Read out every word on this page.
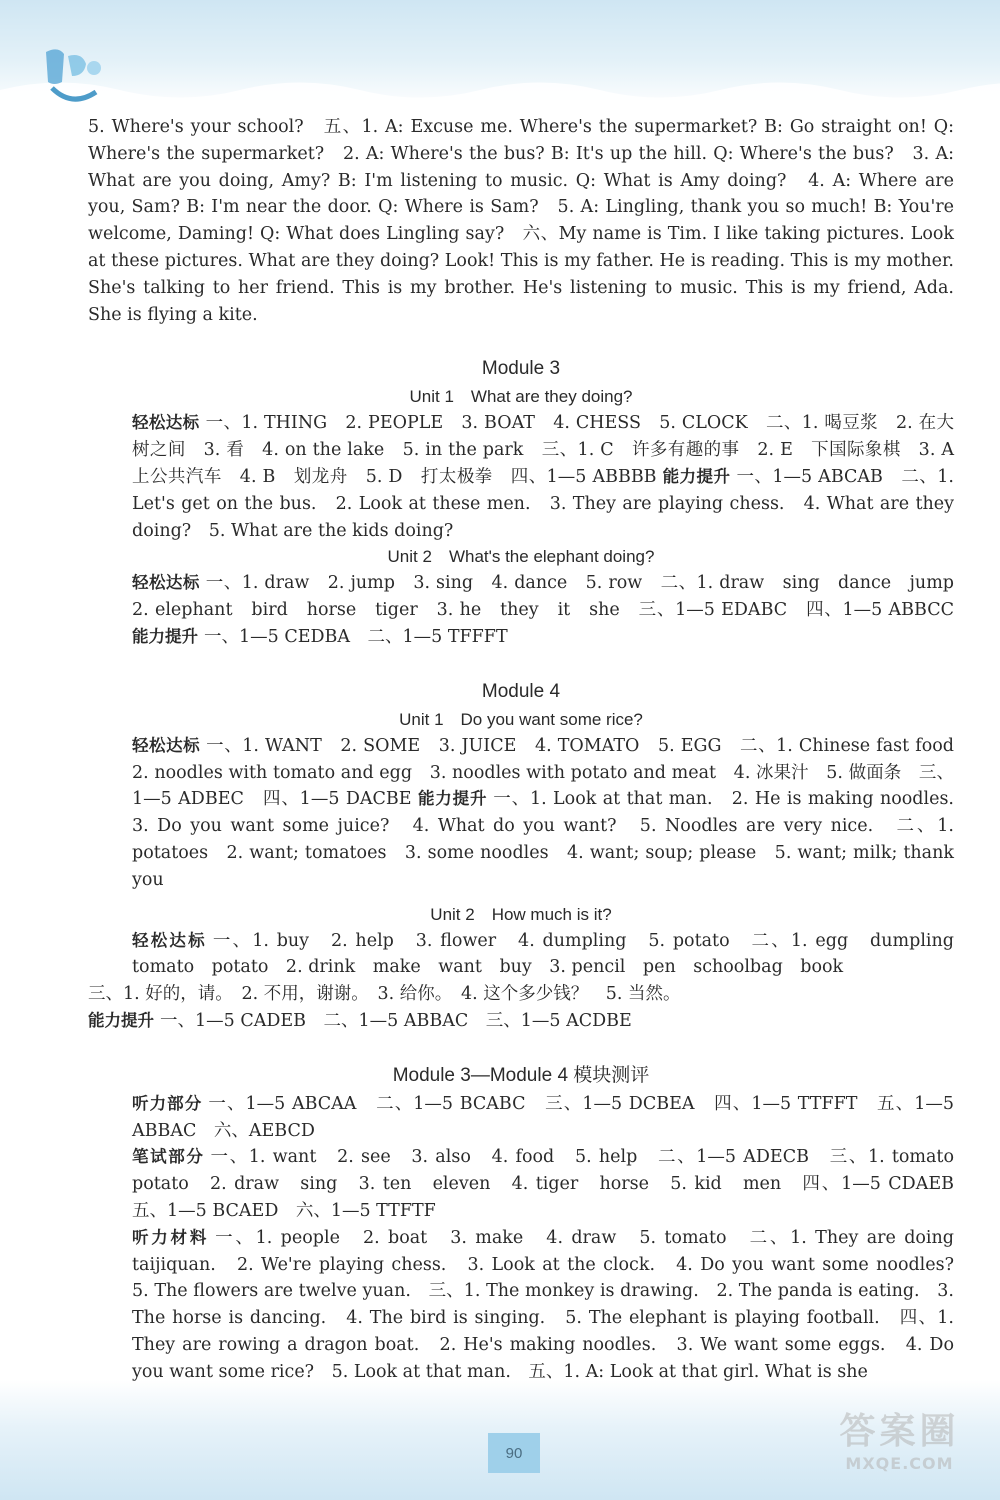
5. Where's your school?　五、1. A: Excuse me. Where's the supermarket? B: Go straight on! Q: Where's the supermarket?　2. A: Where's the bus? B: It's up the hill. Q: Where's the bus?　3. A: What are you doing, Amy? B: I'm listening to music. Q: What is Amy doing?　4. A: Where are you, Sam? B: I'm near the door. Q: Where is Sam?　5. A: Lingling, thank you so much! B: You're welcome, Daming! Q: What does Lingling say?　六、My name is Tim. I like taking pictures. Look at these pictures. What are they doing? Look! This is my father. He is reading. This is my mother. She's talking to her friend. This is my brother. He's listening to music. This is my friend, Ada. She is flying a kite.

Module 3
Unit 1　What are they doing?

轻松达标 一、1. THING　2. PEOPLE　3. BOAT　4. CHESS　5. CLOCK　二、1. 喝豆浆　2. 在大树之间　3. 看　4. on the lake　5. in the park　三、1. C　许多有趣的事　2. E　下国际象棋　3. A　上公共汽车　4. B　划龙舟　5. D　打太极拳　四、1—5 ABBBB 能力提升 一、1—5 ABCAB　二、1. Let's get on the bus.　2. Look at these men.　3. They are playing chess.　4. What are they doing?　5. What are the kids doing?

Unit 2　What's the elephant doing?

轻松达标 一、1. draw　2. jump　3. sing　4. dance　5. row　二、1. draw　sing　dance　jump　2. elephant　bird　horse　tiger　3. he　they　it　she　三、1—5 EDABC　四、1—5 ABBCC 能力提升 一、1—5 CEDBA　二、1—5 TFFFT

Module 4
Unit 1　Do you want some rice?

轻松达标 一、1. WANT　2. SOME　3. JUICE　4. TOMATO　5. EGG　二、1. Chinese fast food　2. noodles with tomato and egg　3. noodles with potato and meat　4. 冰果汁　5. 做面条　三、1—5 ADBEC　四、1—5 DACBE 能力提升 一、1. Look at that man.　2. He is making noodles.　3. Do you want some juice?　4. What do you want?　5. Noodles are very nice.　二、1. potatoes　2. want; tomatoes　3. some noodles　4. want; soup; please　5. want; milk; thank you

Unit 2　How much is it?

轻松达标 一、1. buy　2. help　3. flower　4. dumpling　5. potato　二、1. egg　dumpling　tomato　potato　2. drink　make　want　buy　3. pencil　pen　schoolbag　book

三、1. 好的，请。　2. 不用，谢谢。　3. 给你。　4. 这个多少钱？　5. 当然。

能力提升 一、1—5 CADEB　二、1—5 ABBAC　三、1—5 ACDBE

Module 3—Module 4 模块测评

听力部分 一、1—5 ABCAA　二、1—5 BCABC　三、1—5 DCBEA　四、1—5 TTFFT　五、1—5 ABBAC　六、AEBCD

笔试部分 一、1. want　2. see　3. also　4. food　5. help　二、1—5 ADECB　三、1. tomato　potato　2. draw　sing　3. ten　eleven　4. tiger　horse　5. kid　men　四、1—5 CDAEB　五、1—5 BCAED　六、1—5 TTFTF

听力材料 一、1. people　2. boat　3. make　4. draw　5. tomato　二、1. They are doing taijiquan.　2. We're playing chess.　3. Look at the clock.　4. Do you want some noodles?　5. The flowers are twelve yuan.　三、1. The monkey is drawing.　2. The panda is eating.　3. The horse is dancing.　4. The bird is singing.　5. The elephant is playing football.　四、1. They are rowing a dragon boat.　2. He's making noodles.　3. We want some eggs.　4. Do you want some rice?　5. Look at that man.　五、1. A: Look at that girl. What is she

90
答案圈
MXQE.COM
